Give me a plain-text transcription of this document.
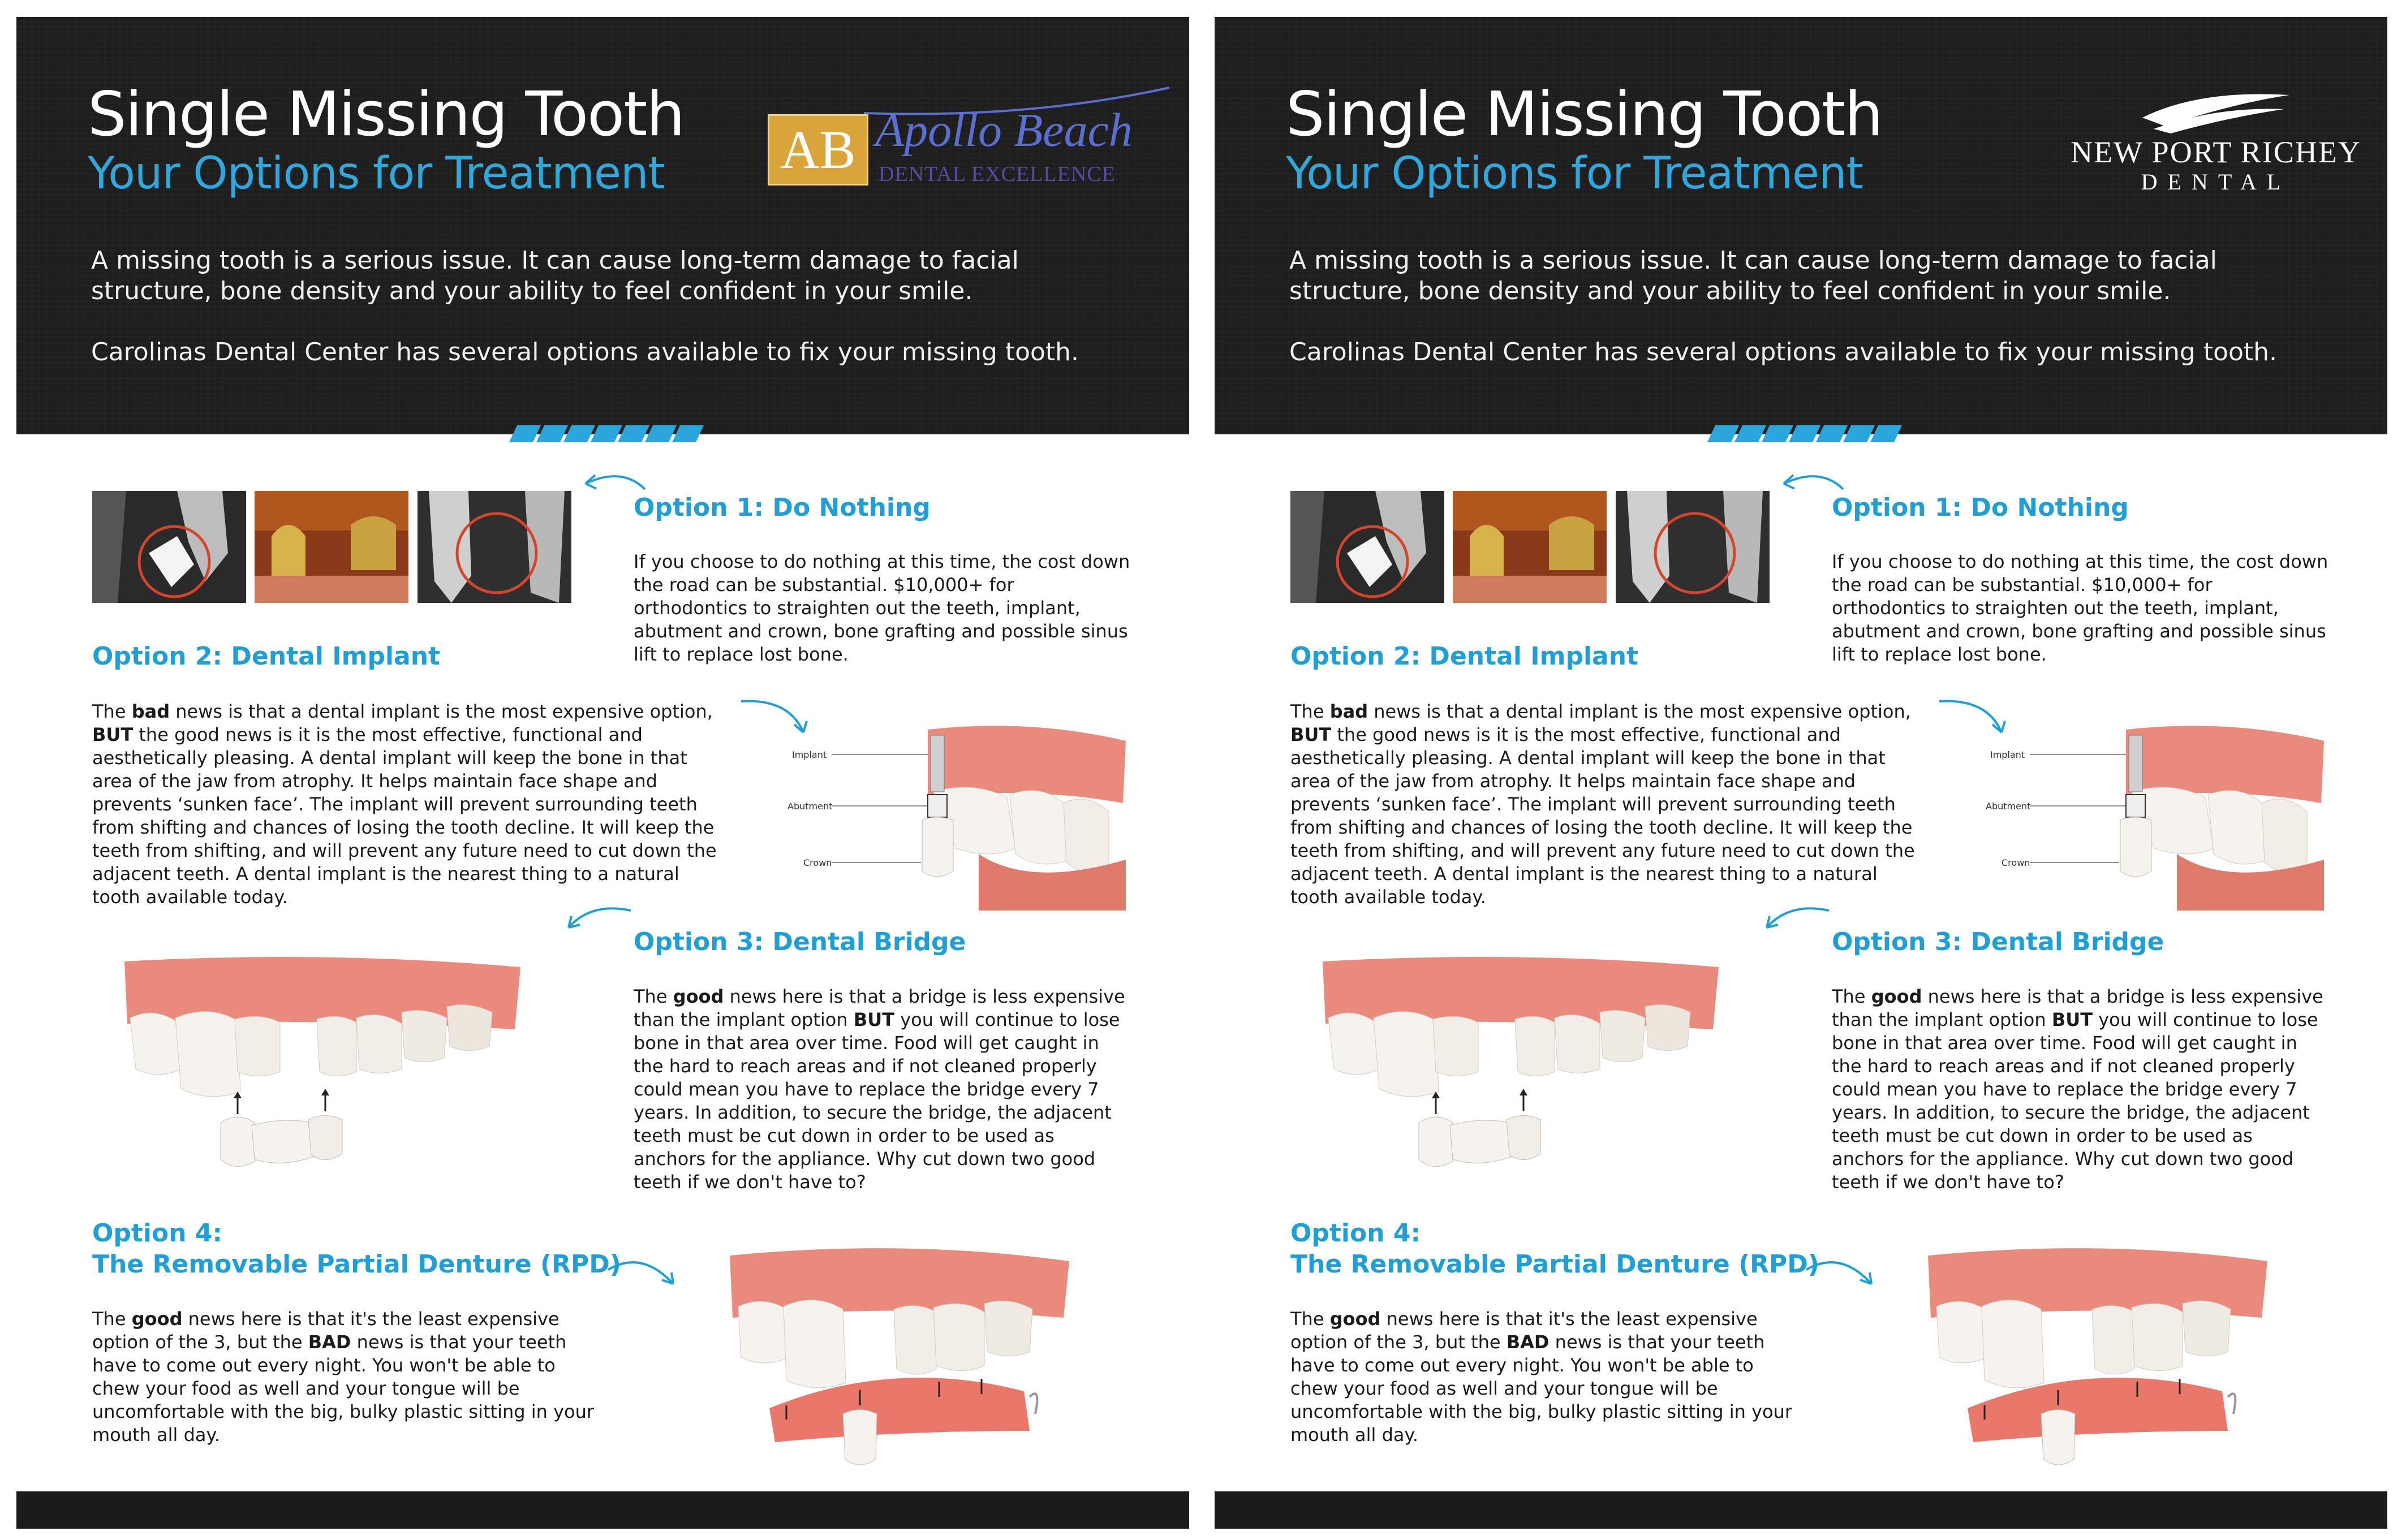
Single Missing Tooth
Your Options for Treatment
A missing tooth is a serious issue. It can cause long-term damage to facial structure, bone density and your ability to feel confident in your smile.
Carolinas Dental Center has several options available to fix your missing tooth.
AB Apollo Beach
DENTAL EXCELLENCE
Option 1: Do Nothing
If you choose to do nothing at this time, the cost down the road can be substantial. $10,000+ for orthodontics to straighten out the teeth, implant, abutment and crown, bone grafting and possible sinus lift to replace lost bone.
Option 2: Dental Implant
The bad news is that a dental implant is the most expensive option, BUT the good news is it is the most effective, functional and aesthetically pleasing. A dental implant will keep the bone in that area of the jaw from atrophy. It helps maintain face shape and prevents ‘sunken face’. The implant will prevent surrounding teeth from shifting and chances of losing the tooth decline. It will keep the teeth from shifting, and will prevent any future need to cut down the adjacent teeth. A dental implant is the nearest thing to a natural tooth available today.
Implant
Abutment
Crown
Option 3: Dental Bridge
The good news here is that a bridge is less expensive than the implant option BUT you will continue to lose bone in that area over time. Food will get caught in the hard to reach areas and if not cleaned properly could mean you have to replace the bridge every 7 years. In addition, to secure the bridge, the adjacent teeth must be cut down in order to be used as anchors for the appliance. Why cut down two good teeth if we don't have to?
Option 4:
The Removable Partial Denture (RPD)
The good news here is that it's the least expensive option of the 3, but the BAD news is that your teeth have to come out every night. You won't be able to chew your food as well and your tongue will be uncomfortable with the big, bulky plastic sitting in your mouth all day.
Single Missing Tooth
Your Options for Treatment
A missing tooth is a serious issue. It can cause long-term damage to facial structure, bone density and your ability to feel confident in your smile.
Carolinas Dental Center has several options available to fix your missing tooth.
NEW PORT RICHEY
DENTAL
Option 1: Do Nothing
If you choose to do nothing at this time, the cost down the road can be substantial. $10,000+ for orthodontics to straighten out the teeth, implant, abutment and crown, bone grafting and possible sinus lift to replace lost bone.
Option 2: Dental Implant
The bad news is that a dental implant is the most expensive option, BUT the good news is it is the most effective, functional and aesthetically pleasing. A dental implant will keep the bone in that area of the jaw from atrophy. It helps maintain face shape and prevents ‘sunken face’. The implant will prevent surrounding teeth from shifting and chances of losing the tooth decline. It will keep the teeth from shifting, and will prevent any future need to cut down the adjacent teeth. A dental implant is the nearest thing to a natural tooth available today.
Implant
Abutment
Crown
Option 3: Dental Bridge
The good news here is that a bridge is less expensive than the implant option BUT you will continue to lose bone in that area over time. Food will get caught in the hard to reach areas and if not cleaned properly could mean you have to replace the bridge every 7 years. In addition, to secure the bridge, the adjacent teeth must be cut down in order to be used as anchors for the appliance. Why cut down two good teeth if we don't have to?
Option 4:
The Removable Partial Denture (RPD)
The good news here is that it's the least expensive option of the 3, but the BAD news is that your teeth have to come out every night. You won't be able to chew your food as well and your tongue will be uncomfortable with the big, bulky plastic sitting in your mouth all day.
